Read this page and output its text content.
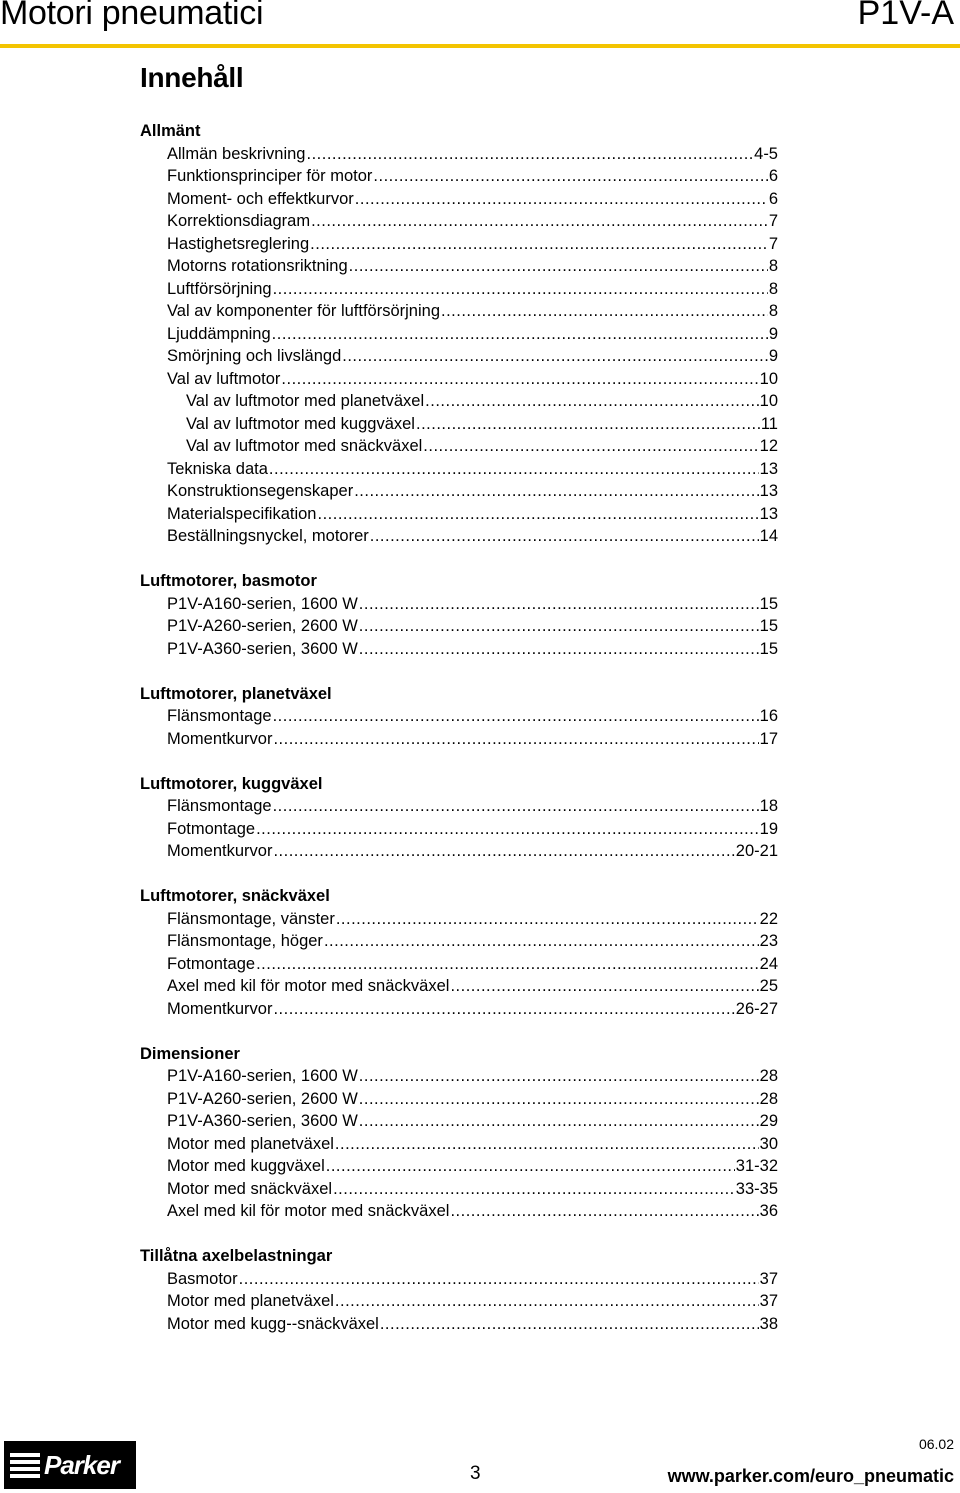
Motori pneumatici	P1V-A
Innehåll
Allmänt
Allmän beskrivning .....	4-5
Funktionsprinciper för motor .....	6
Moment- och effektkurvor .....	6
Korrektionsdiagram .....	7
Hastighetsreglering .....	7
Motorns rotationsriktning .....	8
Luftförsörjning .....	8
Val av komponenter för luftförsörjning .....	8
Ljuddämpning .....	9
Smörjning och livslängd .....	9
Val av luftmotor .....	10
Val av luftmotor med planetväxel .....	10
Val av luftmotor med kuggväxel .....	11
Val av luftmotor med snäckväxel .....	12
Tekniska data .....	13
Konstruktionsegenskaper .....	13
Materialspecifikation .....	13
Beställningsnyckel, motorer .....	14
Luftmotorer, basmotor
P1V-A160-serien, 1600 W .....	15
P1V-A260-serien, 2600 W .....	15
P1V-A360-serien, 3600 W .....	15
Luftmotorer, planetväxel
Flänsmontage .....	16
Momentkurvor .....	17
Luftmotorer, kuggväxel
Flänsmontage .....	18
Fotmontage .....	19
Momentkurvor .....	20-21
Luftmotorer, snäckväxel
Flänsmontage, vänster .....	22
Flänsmontage, höger .....	23
Fotmontage .....	24
Axel med kil för motor med snäckväxel .....	25
Momentkurvor .....	26-27
Dimensioner
P1V-A160-serien, 1600 W .....	28
P1V-A260-serien, 2600 W .....	28
P1V-A360-serien, 3600 W .....	29
Motor med planetväxel .....	30
Motor med kuggväxel .....	31-32
Motor med snäckväxel .....	33-35
Axel med kil för motor med snäckväxel .....	36
Tillåtna axelbelastningar
Basmotor .....	37
Motor med planetväxel .....	37
Motor med kugg--snäckväxel .....	38
Parker	3
06.02
www.parker.com/euro_pneumatic
